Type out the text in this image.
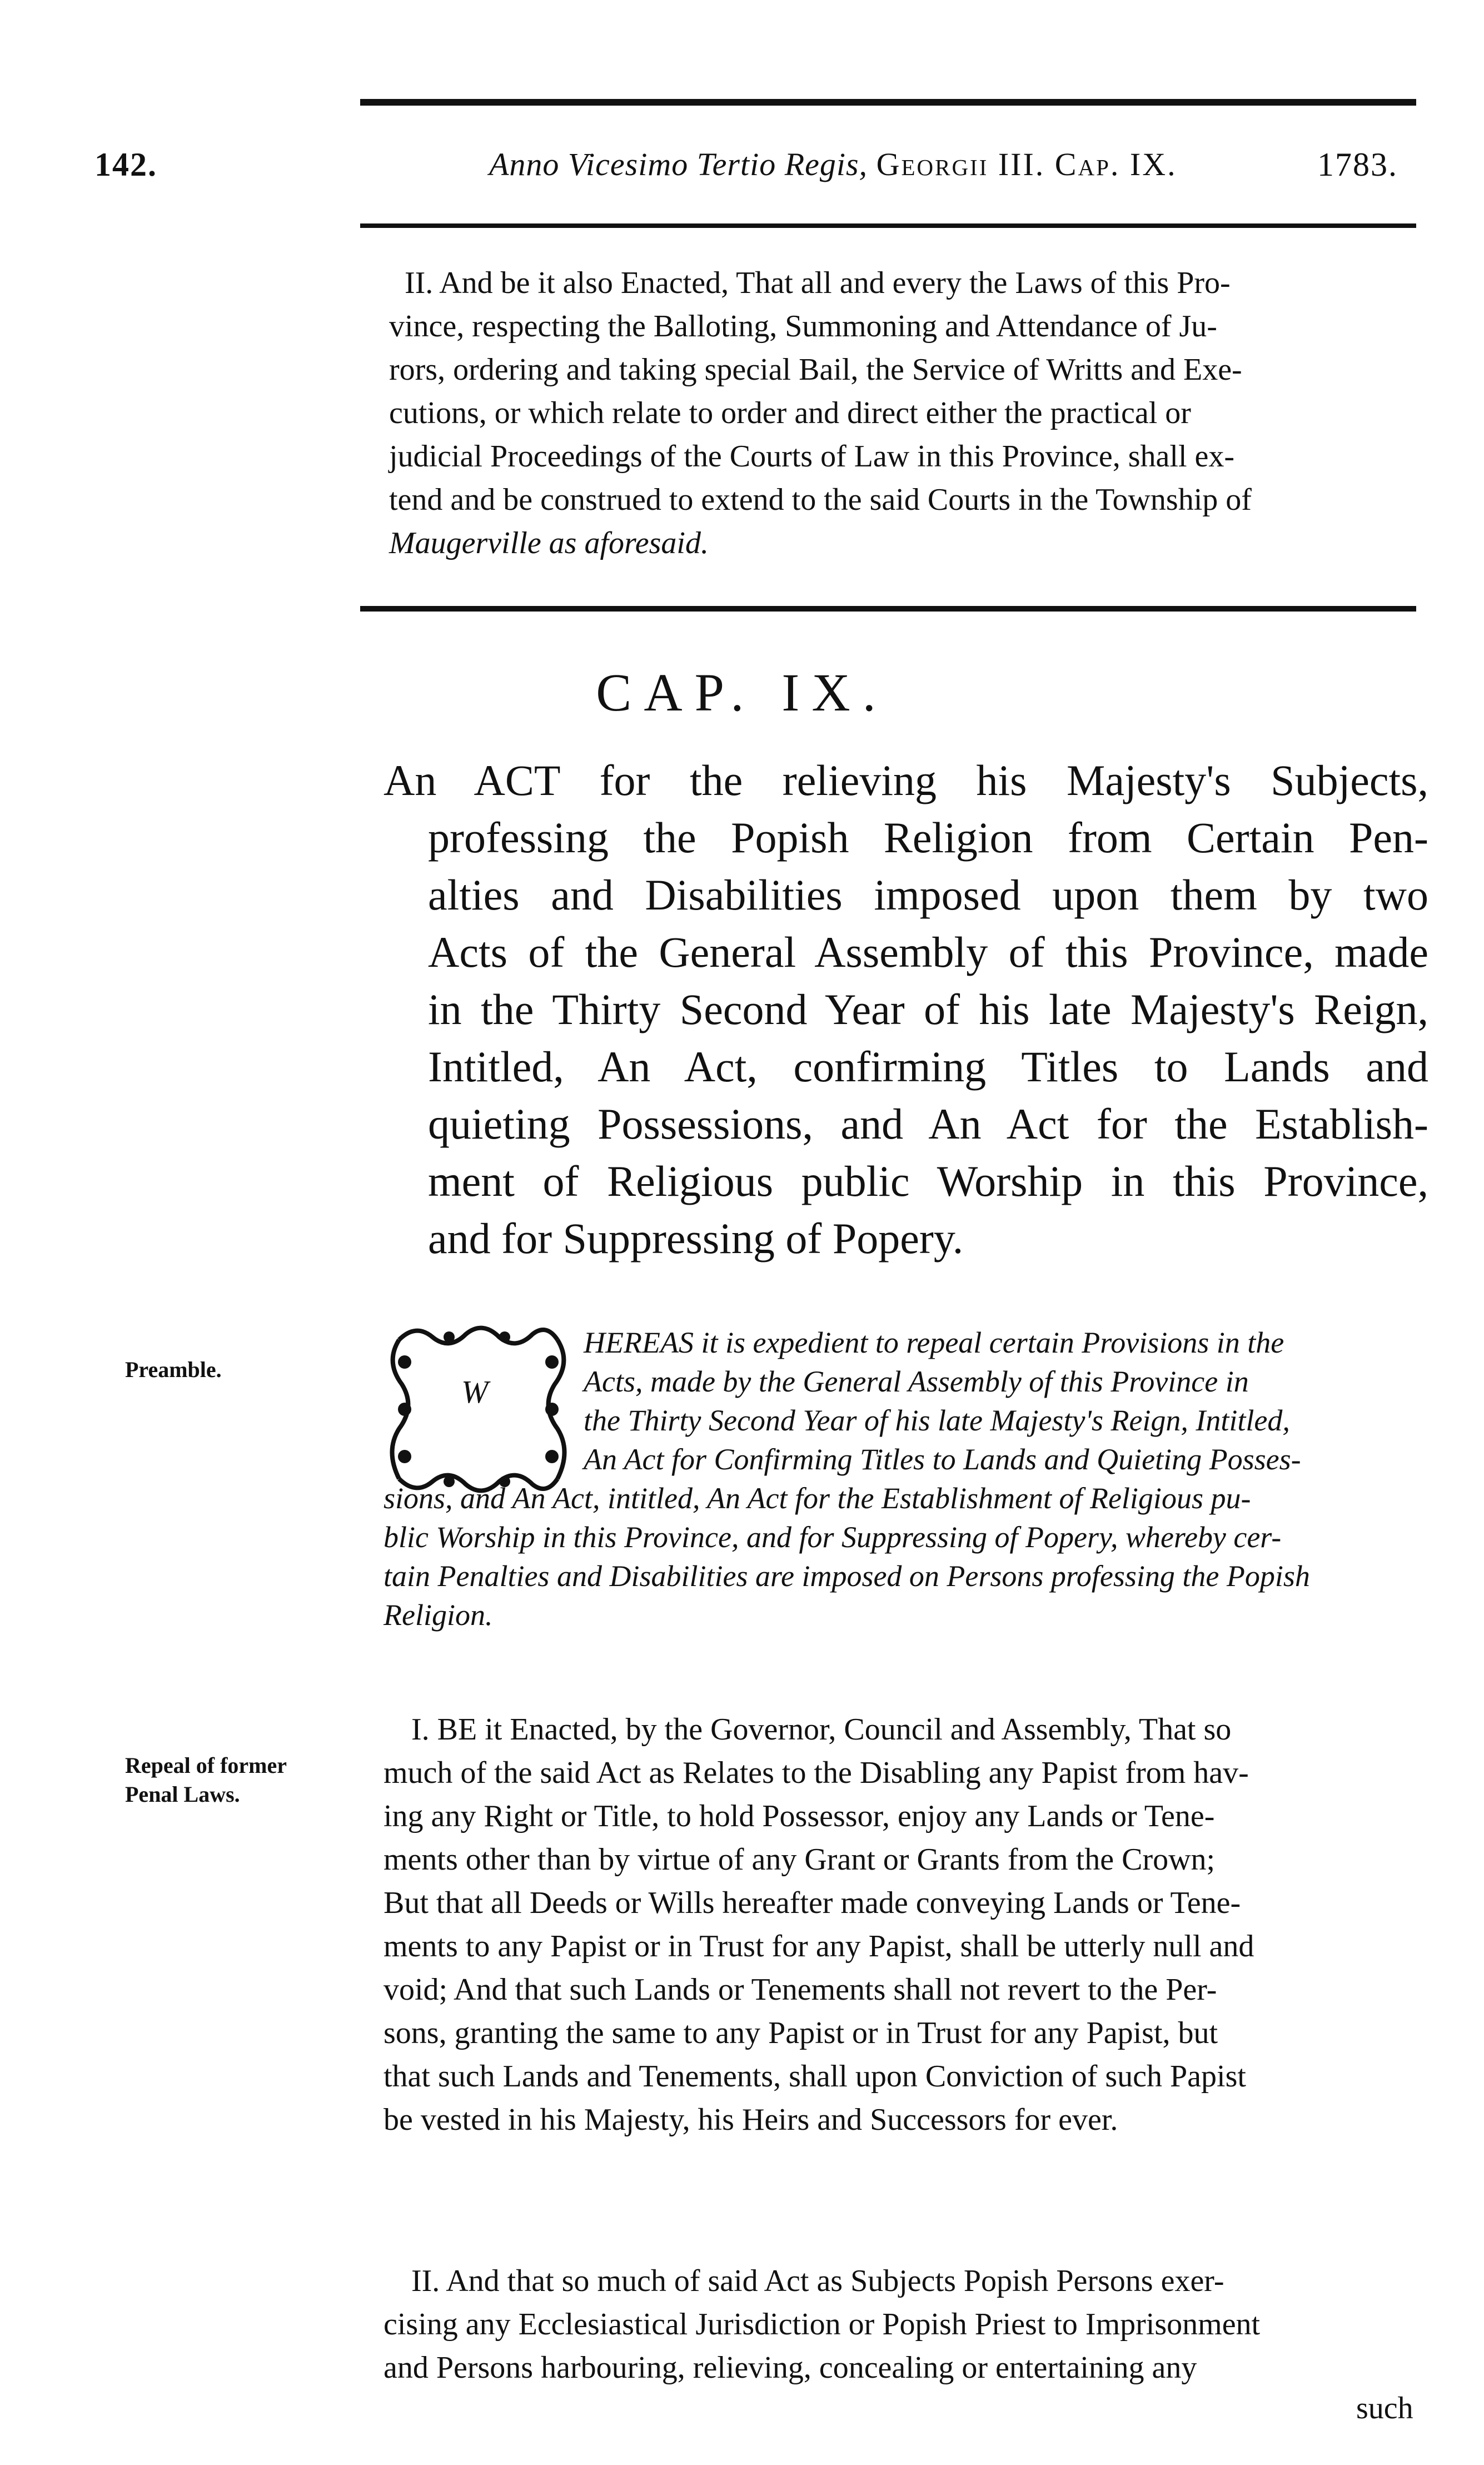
142.	Anno Vicesimo Tertio Regis, Georgii III. Cap. IX.	1783.
II. And be it also Enacted, That all and every the Laws of this Pro-
vince, respecting the Balloting, Summoning and Attendance of Ju-
rors, ordering and taking special Bail, the Service of Writts and Exe-
cutions, or which relate to order and direct either the practical or
judicial Proceedings of the Courts of Law in this Province, shall ex-
tend and be construed to extend to the said Courts in the Township of
Maugerville as aforesaid.
CAP. IX.
An ACT for the relieving his Majesty's Subjects,
professing the Popish Religion from Certain Pen-
alties and Disabilities imposed upon them by two
Acts of the General Assembly of this Province, made
in the Thirty Second Year of his late Majesty's Reign,
Intitled, An Act, confirming Titles to Lands and
quieting Possessions, and An Act for the Establish-
ment of Religious public Worship in this Province,
and for Suppressing of Popery.
Preamble.
Repeal of former
Penal Laws.
W
HEREAS it is expedient to repeal certain Provisions in the
Acts, made by the General Assembly of this Province in
the Thirty Second Year of his late Majesty's Reign, Intitled,
An Act for Confirming Titles to Lands and Quieting Posses-
sions, and An Act, intitled, An Act for the Establishment of Religious pu-
blic Worship in this Province, and for Suppressing of Popery, whereby cer-
tain Penalties and Disabilities are imposed on Persons professing the Popish
Religion.
I. BE it Enacted, by the Governor, Council and Assembly, That so
much of the said Act as Relates to the Disabling any Papist from hav-
ing any Right or Title, to hold Possessor, enjoy any Lands or Tene-
ments other than by virtue of any Grant or Grants from the Crown;
But that all Deeds or Wills hereafter made conveying Lands or Tene-
ments to any Papist or in Trust for any Papist, shall be utterly null and
void; And that such Lands or Tenements shall not revert to the Per-
sons, granting the same to any Papist or in Trust for any Papist, but
that such Lands and Tenements, shall upon Conviction of such Papist
be vested in his Majesty, his Heirs and Successors for ever.
II. And that so much of said Act as Subjects Popish Persons exer-
cising any Ecclesiastical Jurisdiction or Popish Priest to Imprisonment
and Persons harbouring, relieving, concealing or entertaining any
such
